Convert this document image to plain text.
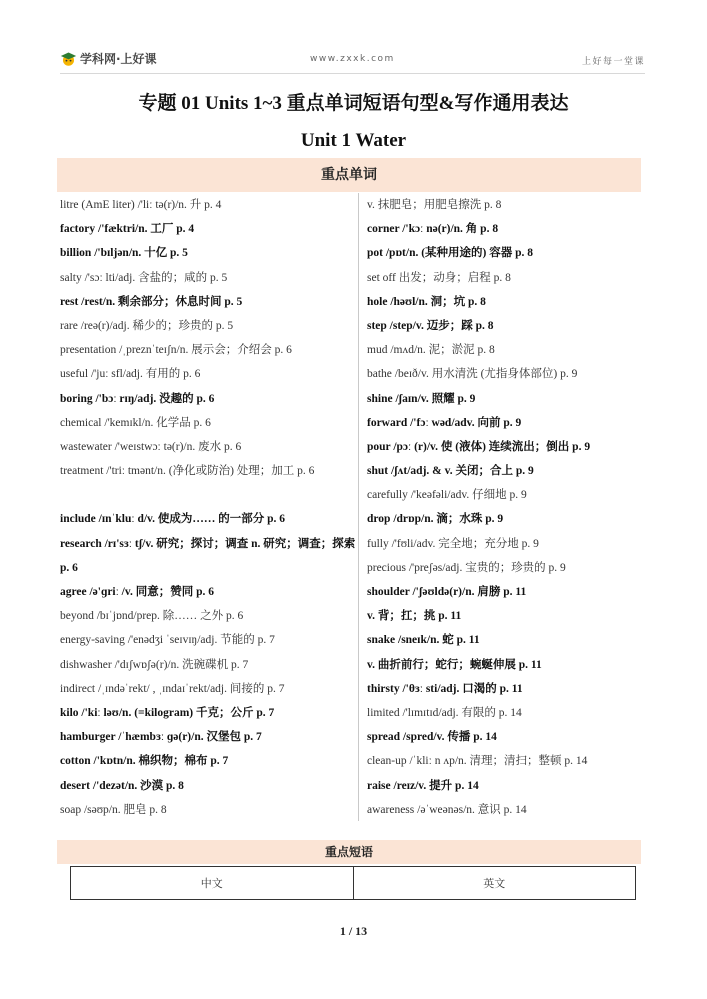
学科网·上好课	www.zxxk.com	上好每一堂课
专题 01 Units 1~3 重点单词短语句型&写作通用表达
Unit 1 Water
重点单词
litre (AmE liter) /'liː tə(r)/n. 升 p. 4
factory /'fæktri/n. 工厂 p. 4
billion /'bɪljən/n. 十亿 p. 5
salty /'sɔː lti/adj. 含盐的；咸的 p. 5
rest /rest/n. 剩余部分；休息时间 p. 5
rare /reə(r)/adj. 稀少的；珍贵的 p. 5
presentation /ˌpreznˈteɪʃn/n. 展示会；介绍会 p. 6
useful /'juː sfl/adj. 有用的 p. 6
boring /'bɔː rɪŋ/adj. 没趣的 p. 6
chemical /'kemɪkl/n. 化学品 p. 6
wastewater /'weɪstwɔː tə(r)/n. 废水 p. 6
treatment /'triː tmənt/n. (净化或防治) 处理；加工 p. 6
include /ɪnˈkluː d/v. 使成为…… 的一部分 p. 6
research /rɪ'sɜː tʃ/v. 研究；探讨；调查 n. 研究；调查；探索 p. 6
agree /ə'ɡriː /v. 同意；赞同 p. 6
beyond /bɪˈjɒnd/prep. 除…… 之外 p. 6
energy-saving /'enədʒi ˈseɪvɪŋ/adj. 节能的 p. 7
dishwasher /'dɪʃwɒʃə(r)/n. 洗碗碟机 p. 7
indirect /ˌɪndəˈrekt/ , ˌɪndaɪˈrekt/adj. 间接的 p. 7
kilo /'kiː ləʊ/n. (=kilogram) 千克；公斤 p. 7
hamburger /ˈhæmbɜː ɡə(r)/n. 汉堡包 p. 7
cotton /'kɒtn/n. 棉织物；棉布 p. 7
desert /'dezət/n. 沙漠 p. 8
soap /səʊp/n. 肥皂 p. 8
v. 抹肥皂；用肥皂擦洗 p. 8
corner /'kɔː nə(r)/n. 角 p. 8
pot /pɒt/n. (某种用途的) 容器 p. 8
set off 出发；动身；启程 p. 8
hole /həʊl/n. 洞；坑 p. 8
step /step/v. 迈步；踩 p. 8
mud /mʌd/n. 泥；淤泥 p. 8
bathe /beɪð/v. 用水清洗 (尤指身体部位) p. 9
shine /ʃaɪn/v. 照耀 p. 9
forward /'fɔː wəd/adv. 向前 p. 9
pour /pɔː (r)/v. 使 (液体) 连续流出；倒出 p. 9
shut /ʃʌt/adj. & v. 关闭；合上 p. 9
carefully /'keəfəli/adv. 仔细地 p. 9
drop /drɒp/n. 滴；水珠 p. 9
fully /'fʊli/adv. 完全地；充分地 p. 9
precious /'preʃəs/adj. 宝贵的；珍贵的 p. 9
shoulder /'ʃəʊldə(r)/n. 肩膀 p. 11
v. 背；扛；挑 p. 11
snake /sneɪk/n. 蛇 p. 11
v. 曲折前行；蛇行；蜿蜒伸展 p. 11
thirsty /'θɜː sti/adj. 口渴的 p. 11
limited /'lɪmɪtɪd/adj. 有限的 p. 14
spread /spred/v. 传播 p. 14
clean-up /ˈkliː n ʌp/n. 清理；清扫；整顿 p. 14
raise /reɪz/v. 提升 p. 14
awareness /əˈweənəs/n. 意识 p. 14
重点短语
中文	英文
1 / 13
